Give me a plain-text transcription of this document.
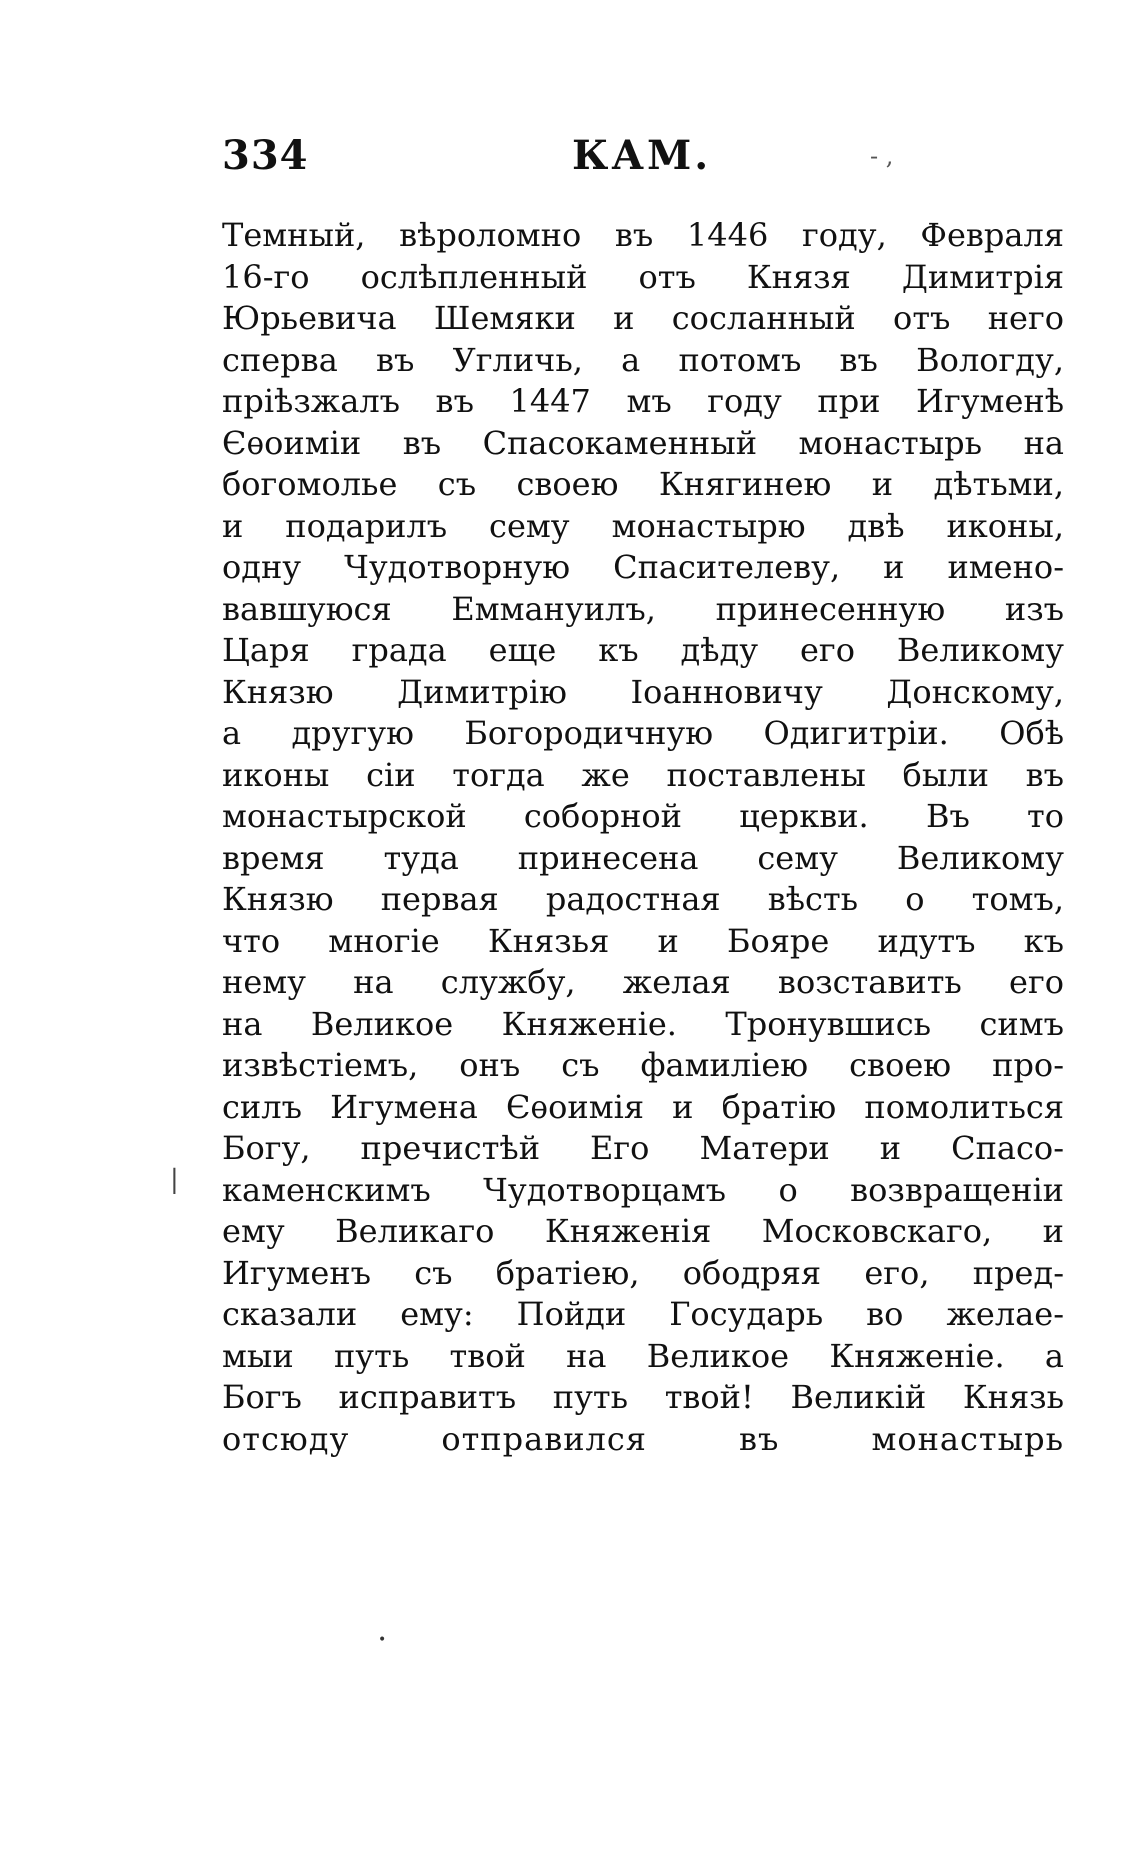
334	КАМ.	- ,
|
•
Темный, вѣроломно въ 1446 году, Февраля
16-го ослѣпленный отъ Князя Димитрія
Юрьевича Шемяки и сосланный отъ него
сперва въ Угличь, а потомъ въ Вологду,
пріѣзжалъ въ 1447 мъ году при Игуменѣ
Єѳоиміи въ Спасокаменный монастырь на
богомолье съ своею Княгинею и дѣтьми,
и подарилъ сему монастырю двѣ иконы,
одну Чудотворную Спасителеву, и имено-
вавшуюся Еммануилъ, принесенную изъ
Царя града еще къ дѣду его Великому
Князю Димитрію Іоанновичу Донскому,
а другую Богородичную Одигитріи. Обѣ
иконы сіи тогда же поставлены были въ
монастырской соборной церкви. Въ то
время туда принесена сему Великому
Князю первая радостная вѣсть о томъ,
что многіе Князья и Бояре идутъ къ
нему на службу, желая возставить его
на Великое Княженіе. Тронувшись симъ
извѣстіемъ, онъ съ фамиліею своею про-
силъ Игумена Єѳоимія и братію помолиться
Богу, пречистѣй Его Матери и Спасо-
каменскимъ Чудотворцамъ о возвращеніи
ему Великаго Княженія Московскаго, и
Игуменъ съ братіею, ободряя его, пред-
сказали ему: Пойди Государь во желае-
мыи путь твой на Великое Княженіе. а
Богъ исправитъ путь твой! Великій Князь
отсюду отправился въ монастырь
